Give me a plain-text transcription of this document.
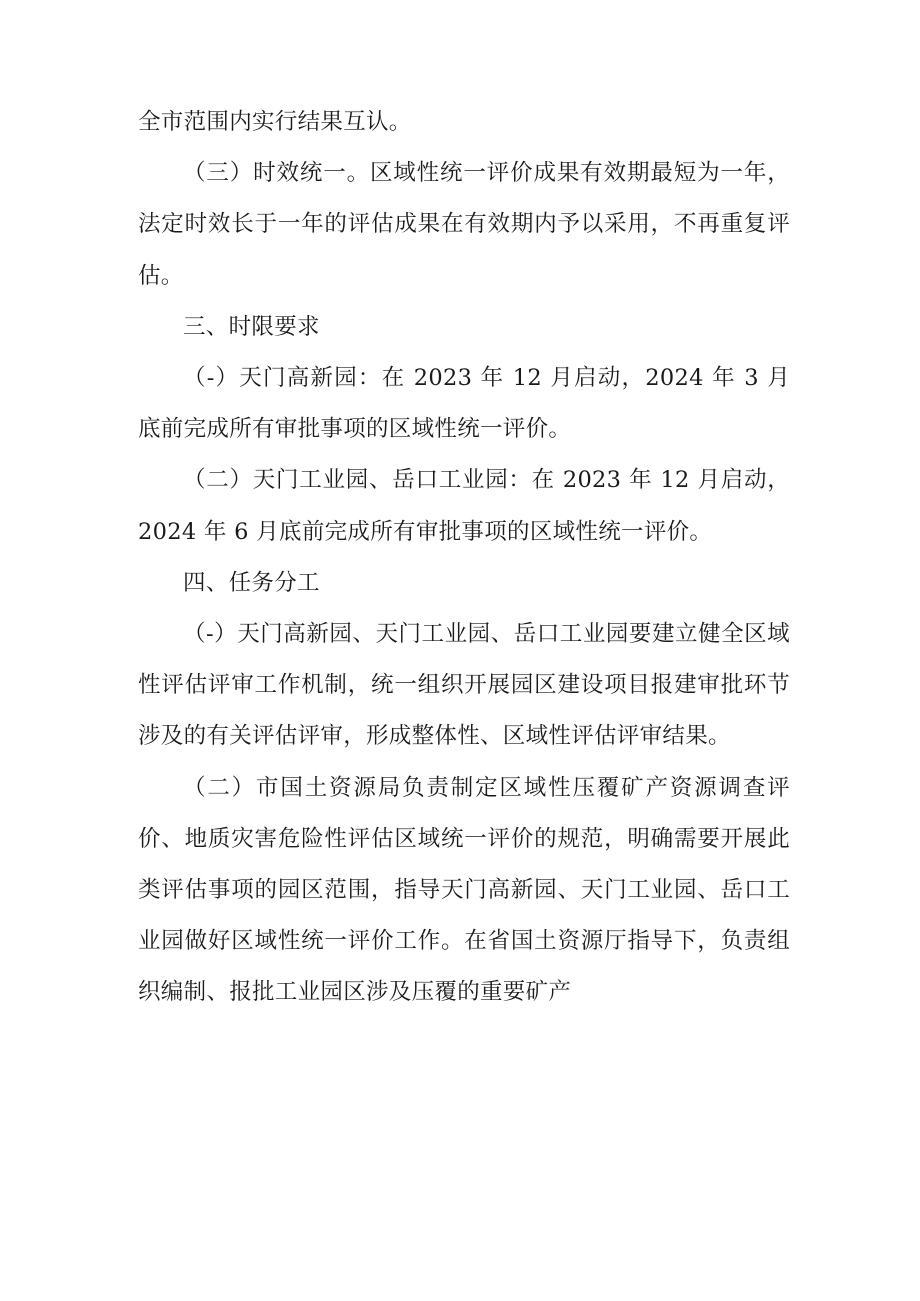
全市范围内实行结果互认。

（三）时效统一。区域性统一评价成果有效期最短为一年，法定时效长于一年的评估成果在有效期内予以采用，不再重复评估。

三、时限要求

（-）天门高新园：在 2023 年 12 月启动，2024 年 3 月底前完成所有审批事项的区域性统一评价。

（二）天门工业园、岳口工业园：在 2023 年 12 月启动，2024 年 6 月底前完成所有审批事项的区域性统一评价。

四、任务分工

（-）天门高新园、天门工业园、岳口工业园要建立健全区域性评估评审工作机制，统一组织开展园区建设项目报建审批环节涉及的有关评估评审，形成整体性、区域性评估评审结果。

（二）市国土资源局负责制定区域性压覆矿产资源调查评价、地质灾害危险性评估区域统一评价的规范，明确需要开展此类评估事项的园区范围，指导天门高新园、天门工业园、岳口工业园做好区域性统一评价工作。在省国土资源厅指导下，负责组织编制、报批工业园区涉及压覆的重要矿产
